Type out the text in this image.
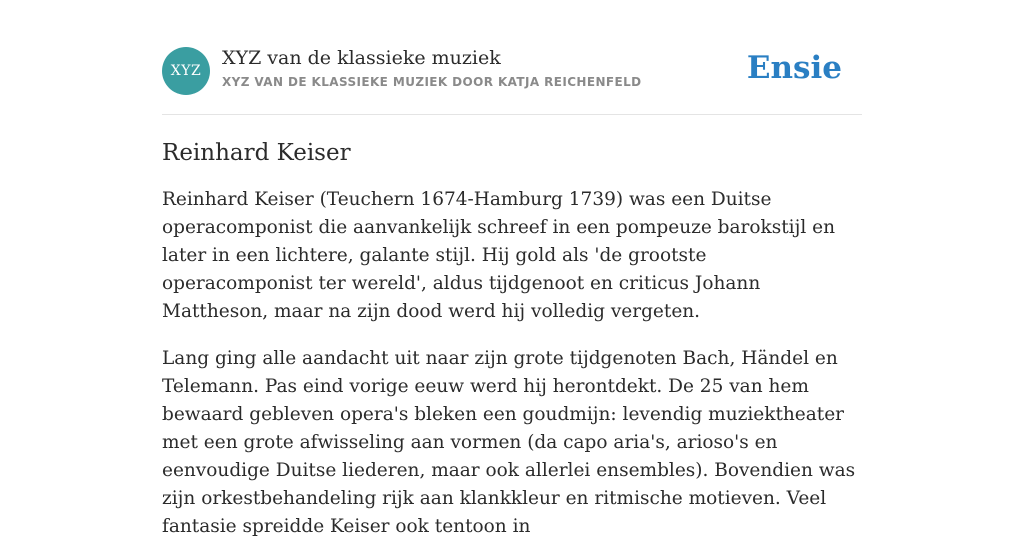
XYZ
XYZ van de klassieke muziek
XYZ VAN DE KLASSIEKE MUZIEK DOOR KATJA REICHENFELD	Ensie
Reinhard Keiser

Reinhard Keiser (Teuchern 1674-Hamburg 1739) was een Duitse operacomponist die aanvankelijk schreef in een pompeuze barokstijl en later in een lichtere, galante stijl. Hij gold als 'de grootste operacomponist ter wereld', aldus tijdgenoot en criticus Johann Mattheson, maar na zijn dood werd hij volledig vergeten.

Lang ging alle aandacht uit naar zijn grote tijdgenoten Bach, Händel en Telemann. Pas eind vorige eeuw werd hij herontdekt. De 25 van hem bewaard gebleven opera's bleken een goudmijn: levendig muziektheater met een grote afwisseling aan vormen (da capo aria's, arioso's en eenvoudige Duitse liederen, maar ook allerlei ensembles). Bovendien was zijn orkestbehandeling rijk aan klankkleur en ritmische motieven. Veel fantasie spreidde Keiser ook tentoon in
